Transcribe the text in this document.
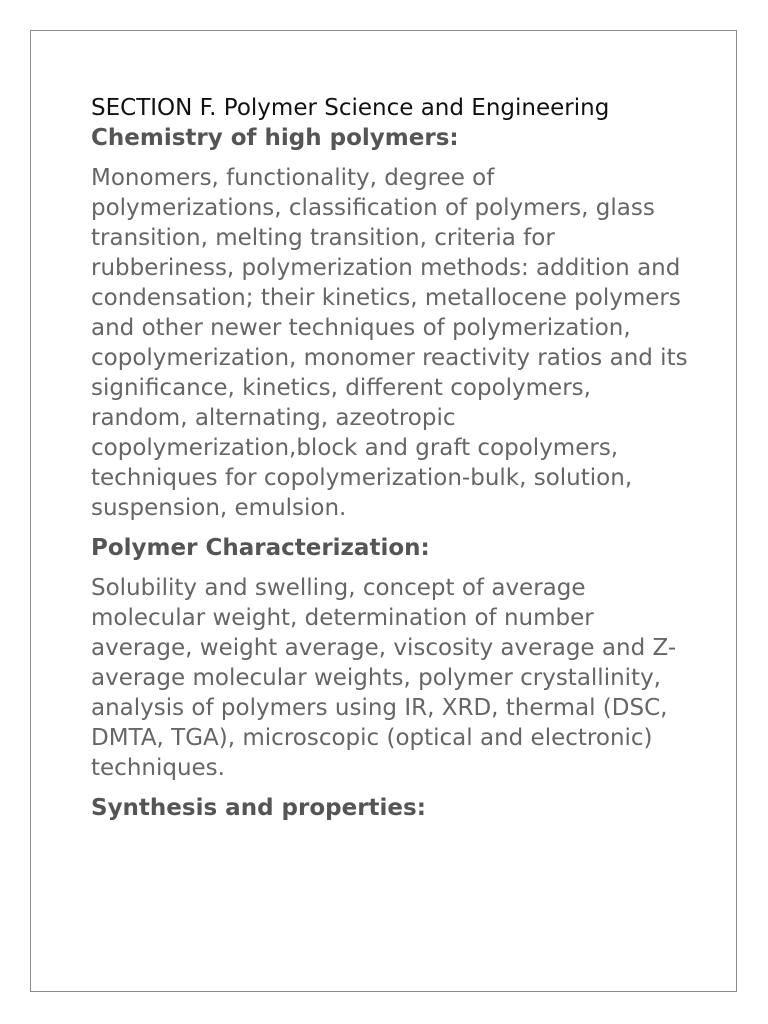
SECTION F. Polymer Science and Engineering
Chemistry of high polymers:

Monomers, functionality, degree of polymerizations, classification of polymers, glass transition, melting transition, criteria for rubberiness, polymerization methods: addition and condensation; their kinetics, metallocene polymers and other newer techniques of polymerization, copolymerization, monomer reactivity ratios and its significance, kinetics, different copolymers, random, alternating, azeotropic copolymerization,block and graft copolymers, techniques for copolymerization-bulk, solution, suspension, emulsion.

Polymer Characterization:

Solubility and swelling, concept of average molecular weight, determination of number average, weight average, viscosity average and Z-average molecular weights, polymer crystallinity, analysis of polymers using IR, XRD, thermal (DSC, DMTA, TGA), microscopic (optical and electronic) techniques.

Synthesis and properties:
